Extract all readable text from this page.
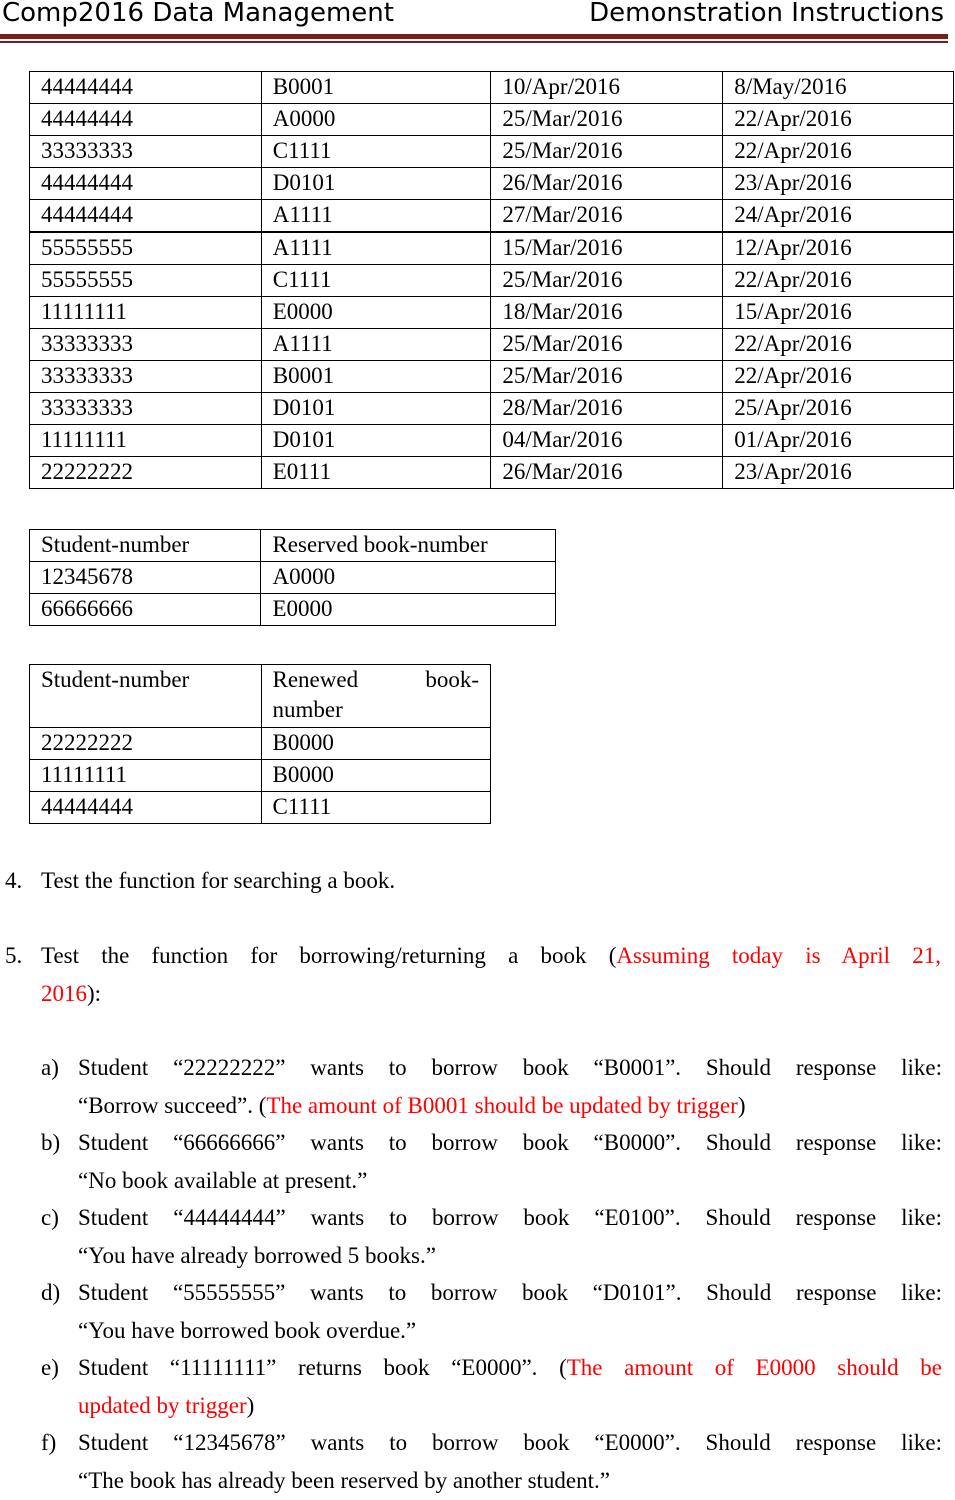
Comp2016 Data Management	Demonstration Instructions
44444444	B0001	10/Apr/2016	8/May/2016
44444444	A0000	25/Mar/2016	22/Apr/2016
33333333	C1111	25/Mar/2016	22/Apr/2016
44444444	D0101	26/Mar/2016	23/Apr/2016
44444444	A1111	27/Mar/2016	24/Apr/2016
55555555	A1111	15/Mar/2016	12/Apr/2016
55555555	C1111	25/Mar/2016	22/Apr/2016
11111111	E0000	18/Mar/2016	15/Apr/2016
33333333	A1111	25/Mar/2016	22/Apr/2016
33333333	B0001	25/Mar/2016	22/Apr/2016
33333333	D0101	28/Mar/2016	25/Apr/2016
11111111	D0101	04/Mar/2016	01/Apr/2016
22222222	E0111	26/Mar/2016	23/Apr/2016
Student-number	Reserved book-number
12345678	A0000
66666666	E0000
Student-number	Renewed book-
number
22222222	B0000
11111111	B0000
44444444	C1111
4. Test the function for searching a book.
5. Test the function for borrowing/returning a book (Assuming today is April 21,
2016):
a) Student “22222222” wants to borrow book “B0001”. Should response like:
“Borrow succeed”. (The amount of B0001 should be updated by trigger)
b) Student “66666666” wants to borrow book “B0000”. Should response like:
“No book available at present.”
c) Student “44444444” wants to borrow book “E0100”. Should response like:
“You have already borrowed 5 books.”
d) Student “55555555” wants to borrow book “D0101”. Should response like:
“You have borrowed book overdue.”
e) Student “11111111” returns book “E0000”. (The amount of E0000 should be
updated by trigger)
f) Student “12345678” wants to borrow book “E0000”. Should response like:
“The book has already been reserved by another student.”
